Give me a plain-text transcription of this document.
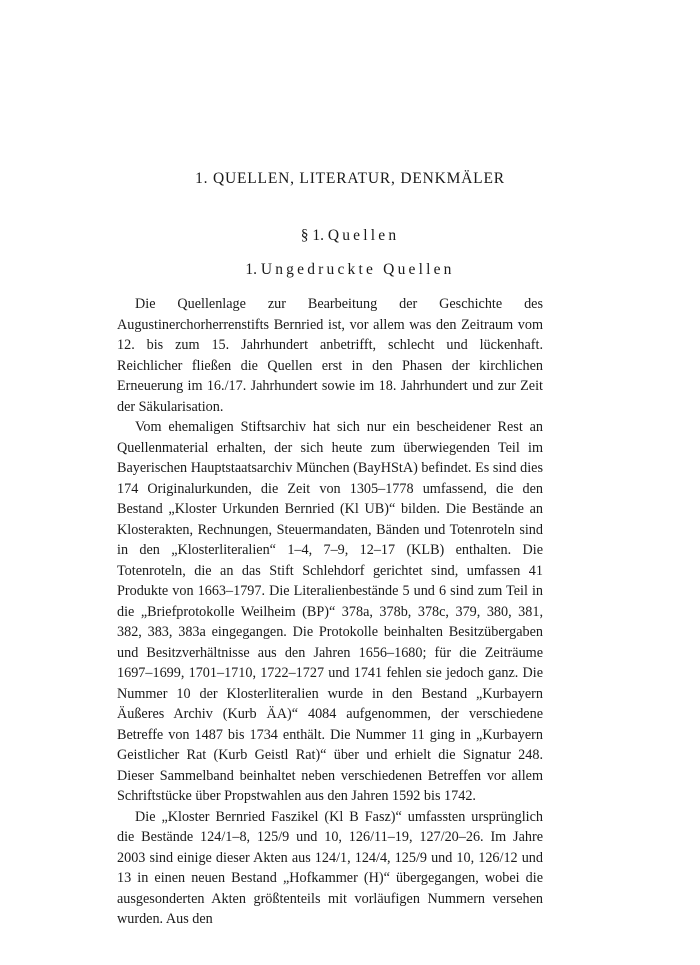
1. QUELLEN, LITERATUR, DENKMÄLER
§ 1. Quellen
1. Ungedruckte Quellen

Die Quellenlage zur Bearbeitung der Geschichte des Augustinerchorherrenstifts Bernried ist, vor allem was den Zeitraum vom 12. bis zum 15. Jahrhundert anbetrifft, schlecht und lückenhaft. Reichlicher fließen die Quellen erst in den Phasen der kirchlichen Erneuerung im 16./17. Jahrhundert sowie im 18. Jahrhundert und zur Zeit der Säkularisation.

Vom ehemaligen Stiftsarchiv hat sich nur ein bescheidener Rest an Quellenmaterial erhalten, der sich heute zum überwiegenden Teil im Bayerischen Hauptstaatsarchiv München (BayHStA) befindet. Es sind dies 174 Originalurkunden, die Zeit von 1305–1778 umfassend, die den Bestand „Kloster Urkunden Bernried (Kl UB)“ bilden. Die Bestände an Klosterakten, Rechnungen, Steuermandaten, Bänden und Totenroteln sind in den „Klosterliteralien“ 1–4, 7–9, 12–17 (KLB) enthalten. Die Totenroteln, die an das Stift Schlehdorf gerichtet sind, umfassen 41 Produkte von 1663–1797. Die Literalienbestände 5 und 6 sind zum Teil in die „Briefprotokolle Weilheim (BP)“ 378a, 378b, 378c, 379, 380, 381, 382, 383, 383a eingegangen. Die Protokolle beinhalten Besitzübergaben und Besitzverhältnisse aus den Jahren 1656–1680; für die Zeiträume 1697–1699, 1701–1710, 1722–1727 und 1741 fehlen sie jedoch ganz. Die Nummer 10 der Klosterliteralien wurde in den Bestand „Kurbayern Äußeres Archiv (Kurb ÄA)“ 4084 aufgenommen, der verschiedene Betreffe von 1487 bis 1734 enthält. Die Nummer 11 ging in „Kurbayern Geistlicher Rat (Kurb Geistl Rat)“ über und erhielt die Signatur 248. Dieser Sammelband beinhaltet neben verschiedenen Betreffen vor allem Schriftstücke über Propstwahlen aus den Jahren 1592 bis 1742.

Die „Kloster Bernried Faszikel (Kl B Fasz)“ umfassten ursprünglich die Bestände 124/1–8, 125/9 und 10, 126/11–19, 127/20–26. Im Jahre 2003 sind einige dieser Akten aus 124/1, 124/4, 125/9 und 10, 126/12 und 13 in einen neuen Bestand „Hofkammer (H)“ übergegangen, wobei die ausgesonderten Akten größtenteils mit vorläufigen Nummern versehen wurden. Aus den
